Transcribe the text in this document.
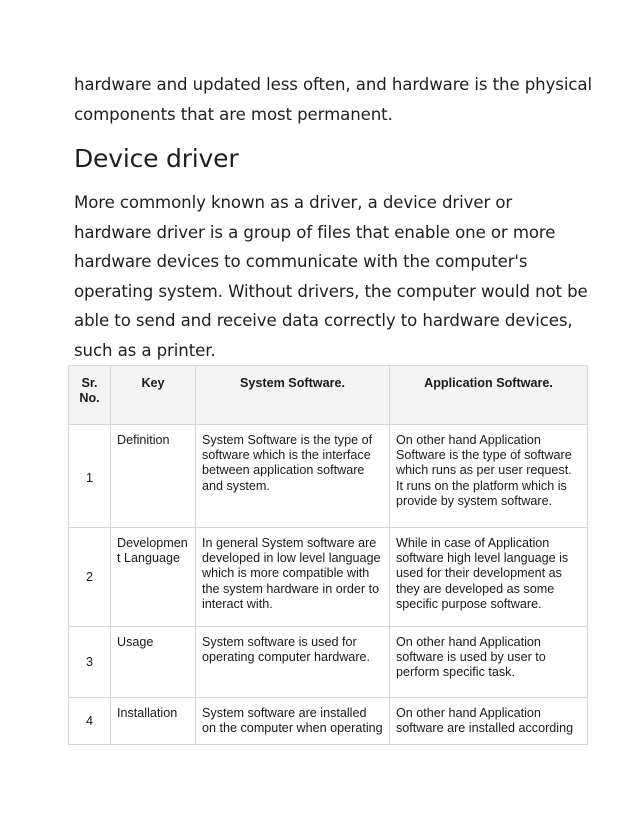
hardware and updated less often, and hardware is the physical components that are most permanent.

Device driver

More commonly known as a driver, a device driver or hardware driver is a group of files that enable one or more hardware devices to communicate with the computer's operating system. Without drivers, the computer would not be able to send and receive data correctly to hardware devices, such as a printer.

Sr. No.	Key	System Software.	Application Software.
1	Definition	System Software is the type of software which is the interface between application software and system.	On other hand Application Software is the type of software which runs as per user request. It runs on the platform which is provide by system software.
2	Development Language	In general System software are developed in low level language which is more compatible with the system hardware in order to interact with.	While in case of Application software high level language is used for their development as they are developed as some specific purpose software.
3	Usage	System software is used for operating computer hardware.	On other hand Application software is used by user to perform specific task.
4	Installation	System software are installed on the computer when operating	On other hand Application software are installed according
